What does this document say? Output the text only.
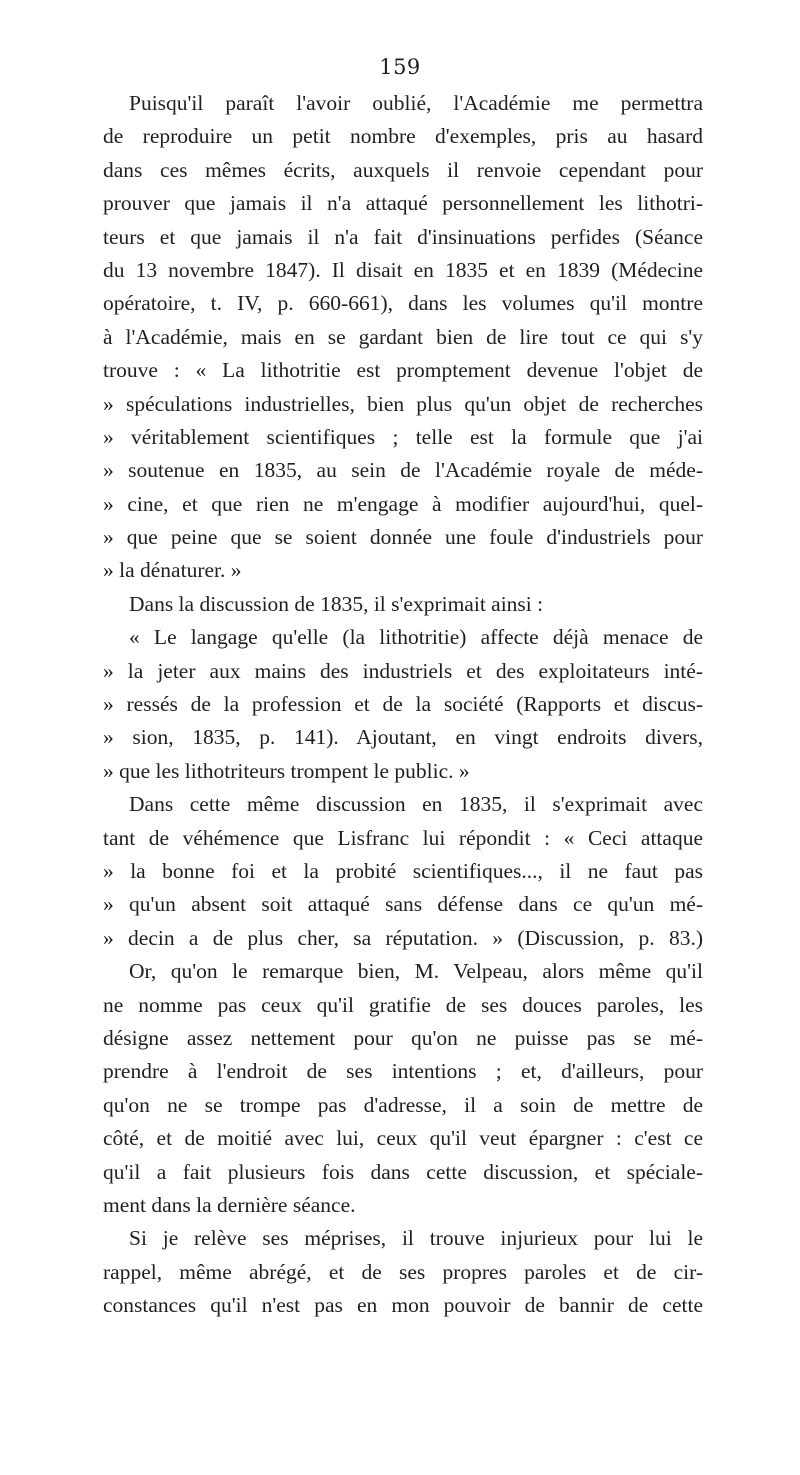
159
Puisqu'il paraît l'avoir oublié, l'Académie me permettra
de reproduire un petit nombre d'exemples, pris au hasard
dans ces mêmes écrits, auxquels il renvoie cependant pour
prouver que jamais il n'a attaqué personnellement les lithotri-
teurs et que jamais il n'a fait d'insinuations perfides (Séance
du 13 novembre 1847). Il disait en 1835 et en 1839 (Médecine
opératoire, t. IV, p. 660-661), dans les volumes qu'il montre
à l'Académie, mais en se gardant bien de lire tout ce qui s'y
trouve : « La lithotritie est promptement devenue l'objet de
» spéculations industrielles, bien plus qu'un objet de recherches
» véritablement scientifiques ; telle est la formule que j'ai
» soutenue en 1835, au sein de l'Académie royale de méde-
» cine, et que rien ne m'engage à modifier aujourd'hui, quel-
» que peine que se soient donnée une foule d'industriels pour
» la dénaturer. »
Dans la discussion de 1835, il s'exprimait ainsi :
« Le langage qu'elle (la lithotritie) affecte déjà menace de
» la jeter aux mains des industriels et des exploitateurs inté-
» ressés de la profession et de la société (Rapports et discus-
» sion, 1835, p. 141). Ajoutant, en vingt endroits divers,
» que les lithotriteurs trompent le public. »
Dans cette même discussion en 1835, il s'exprimait avec
tant de véhémence que Lisfranc lui répondit : « Ceci attaque
» la bonne foi et la probité scientifiques..., il ne faut pas
» qu'un absent soit attaqué sans défense dans ce qu'un mé-
» decin a de plus cher, sa réputation. » (Discussion, p. 83.)
Or, qu'on le remarque bien, M. Velpeau, alors même qu'il
ne nomme pas ceux qu'il gratifie de ses douces paroles, les
désigne assez nettement pour qu'on ne puisse pas se mé-
prendre à l'endroit de ses intentions ; et, d'ailleurs, pour
qu'on ne se trompe pas d'adresse, il a soin de mettre de
côté, et de moitié avec lui, ceux qu'il veut épargner : c'est ce
qu'il a fait plusieurs fois dans cette discussion, et spéciale-
ment dans la dernière séance.
Si je relève ses méprises, il trouve injurieux pour lui le
rappel, même abrégé, et de ses propres paroles et de cir-
constances qu'il n'est pas en mon pouvoir de bannir de cette
